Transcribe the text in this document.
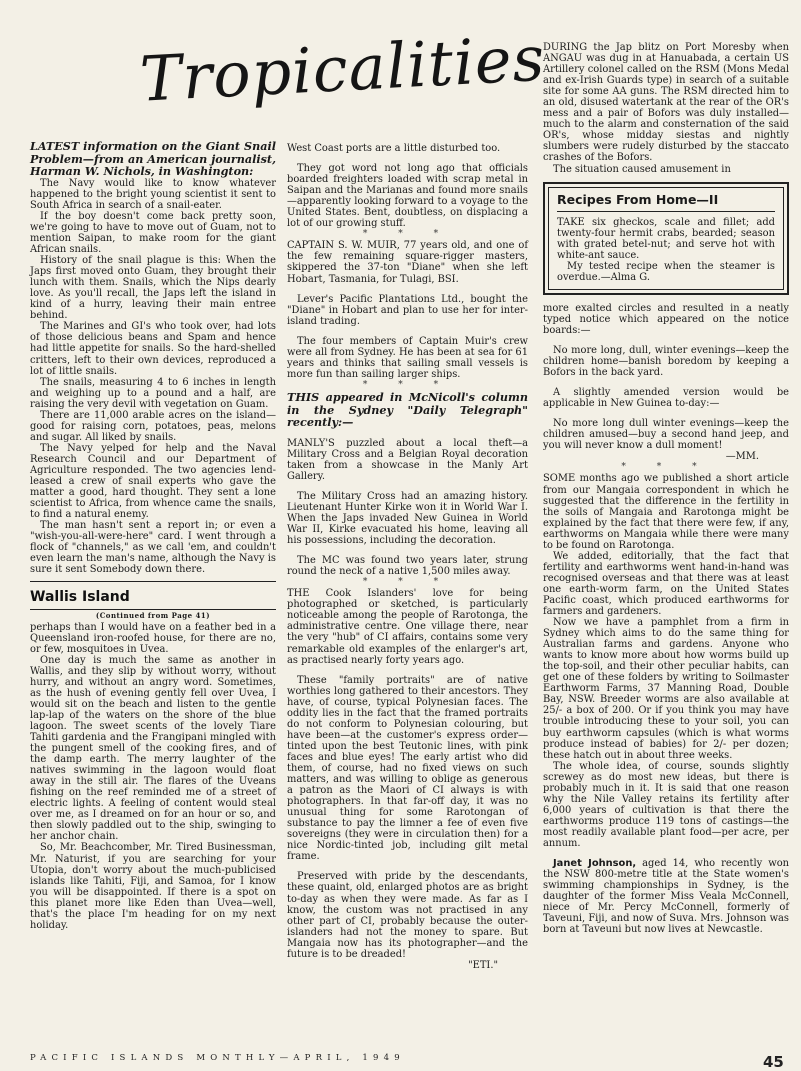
Tropicalities

LATEST information on the Giant Snail Problem—from an American journalist, Harman W. Nichols, in Washington:

The Navy would like to know whatever happened to the bright young scientist it sent to South Africa in search of a snail-eater.

If the boy doesn't come back pretty soon, we're going to have to move out of Guam, not to mention Saipan, to make room for the giant African snails.

History of the snail plague is this: When the Japs first moved onto Guam, they brought their lunch with them. Snails, which the Nips dearly love. As you'll recall, the Japs left the island in kind of a hurry, leaving their main entree behind.

The Marines and GI's who took over, had lots of those delicious beans and Spam and hence had little appetite for snails. So the hard-shelled critters, left to their own devices, reproduced a lot of little snails.

The snails, measuring 4 to 6 inches in length and weighing up to a pound and a half, are raising the very devil with vegetation on Guam.

There are 11,000 arable acres on the island—good for raising corn, potatoes, peas, melons and sugar. All liked by snails.

The Navy yelped for help and the Naval Research Council and our Department of Agriculture responded. The two agencies lend-leased a crew of snail experts who gave the matter a good, hard thought. They sent a lone scientist to Africa, from whence came the snails, to find a natural enemy.

The man hasn't sent a report in; or even a "wish-you-all-were-here" card. I went through a flock of "channels," as we call 'em, and couldn't even learn the man's name, although the Navy is sure it sent Somebody down there.

Wallis Island

(Continued from Page 41)

perhaps than I would have on a feather bed in a Queensland iron-roofed house, for there are no, or few, mosquitoes in Uvea.

One day is much the same as another in Wallis, and they slip by without worry, without hurry, and without an angry word. Sometimes, as the hush of evening gently fell over Uvea, I would sit on the beach and listen to the gentle lap-lap of the waters on the shore of the blue lagoon. The sweet scents of the lovely Tiare Tahiti gardenia and the Frangipani mingled with the pungent smell of the cooking fires, and of the damp earth. The merry laughter of the natives swimming in the lagoon would float away in the still air. The flares of the Uveans fishing on the reef reminded me of a street of electric lights. A feeling of content would steal over me, as I dreamed on for an hour or so, and then slowly paddled out to the ship, swinging to her anchor chain.

So, Mr. Beachcomber, Mr. Tired Businessman, Mr. Naturist, if you are searching for your Utopia, don't worry about the much-publicised islands like Tahiti, Fiji, and Samoa, for I know you will be disappointed. If there is a spot on this planet more like Eden than Uvea—well, that's the place I'm heading for on my next holiday.

West Coast ports are a little disturbed too.

They got word not long ago that officials boarded freighters loaded with scrap metal in Saipan and the Marianas and found more snails—apparently looking forward to a voyage to the United States. Bent, doubtless, on displacing a lot of our growing stuff.

* * *

CAPTAIN S. W. MUIR, 77 years old, and one of the few remaining square-rigger masters, skippered the 37-ton "Diane" when she left Hobart, Tasmania, for Tulagi, BSI.

Lever's Pacific Plantations Ltd., bought the "Diane" in Hobart and plan to use her for inter-island trading.

The four members of Captain Muir's crew were all from Sydney. He has been at sea for 61 years and thinks that sailing small vessels is more fun than sailing larger ships.

* * *

THIS appeared in McNicoll's column in the Sydney "Daily Telegraph" recently:—

MANLY'S puzzled about a local theft—a Military Cross and a Belgian Royal decoration taken from a showcase in the Manly Art Gallery.

The Military Cross had an amazing history. Lieutenant Hunter Kirke won it in World War I. When the Japs invaded New Guinea in World War II, Kirke evacuated his home, leaving all his possessions, including the decoration.

The MC was found two years later, strung round the neck of a native 1,500 miles away.

* * *

THE Cook Islanders' love for being photographed or sketched, is particularly noticeable among the people of Rarotonga, the administrative centre. One village there, near the very "hub" of CI affairs, contains some very remarkable old examples of the enlarger's art, as practised nearly forty years ago.

These "family portraits" are of native worthies long gathered to their ancestors. They have, of course, typical Polynesian faces. The oddity lies in the fact that the framed portraits do not conform to Polynesian colouring, but have been—at the customer's express order—tinted upon the best Teutonic lines, with pink faces and blue eyes! The early artist who did them, of course, had no fixed views on such matters, and was willing to oblige as generous a patron as the Maori of CI always is with photographers. In that far-off day, it was no unusual thing for some Rarotongan of substance to pay the limner a fee of even five sovereigns (they were in circulation then) for a nice Nordic-tinted job, including gilt metal frame.

Preserved with pride by the descendants, these quaint, old, enlarged photos are as bright to-day as when they were made. As far as I know, the custom was not practised in any other part of CI, probably because the outer-islanders had not the money to spare. But Mangaia now has its photographer—and the future is to be dreaded!

"ETI."

DURING the Jap blitz on Port Moresby when ANGAU was dug in at Hanuabada, a certain US Artillery colonel called on the RSM (Mons Medal and ex-Irish Guards type) in search of a suitable site for some AA guns. The RSM directed him to an old, disused watertank at the rear of the OR's mess and a pair of Bofors was duly installed—much to the alarm and consternation of the said OR's, whose midday siestas and nightly slumbers were rudely disturbed by the staccato crashes of the Bofors.

The situation caused amusement in

Recipes From Home—II

TAKE six gheckos, scale and fillet; add twenty-four hermit crabs, bearded; season with grated betel-nut; and serve hot with white-ant sauce.

My tested recipe when the steamer is overdue.—Alma G.

more exalted circles and resulted in a neatly typed notice which appeared on the notice boards:—

No more long, dull, winter evenings—keep the children home—banish boredom by keeping a Bofors in the back yard.

A slightly amended version would be applicable in New Guinea to-day:—

No more long dull winter evenings—keep the children amused—buy a second hand jeep, and you will never know a dull moment!

—MM.

* * *

SOME months ago we published a short article from our Mangaia correspondent in which he suggested that the difference in the fertility in the soils of Mangaia and Rarotonga might be explained by the fact that there were few, if any, earthworms on Mangaia while there were many to be found on Rarotonga.

We added, editorially, that the fact that fertility and earthworms went hand-in-hand was recognised overseas and that there was at least one earth-worm farm, on the United States Pacific coast, which produced earthworms for farmers and gardeners.

Now we have a pamphlet from a firm in Sydney which aims to do the same thing for Australian farms and gardens. Anyone who wants to know more about how worms build up the top-soil, and their other peculiar habits, can get one of these folders by writing to Soilmaster Earthworm Farms, 37 Manning Road, Double Bay, NSW. Breeder worms are also available at 25/- a box of 200. Or if you think you may have trouble introducing these to your soil, you can buy earthworm capsules (which is what worms produce instead of babies) for 2/- per dozen; these hatch out in about three weeks.

The whole idea, of course, sounds slightly screwey as do most new ideas, but there is probably much in it. It is said that one reason why the Nile Valley retains its fertility after 6,000 years of cultivation is that there the earthworms produce 119 tons of castings—the most readily available plant food—per acre, per annum.

Janet Johnson, aged 14, who recently won the NSW 800-metre title at the State women's swimming championships in Sydney, is the daughter of the former Miss Veala McConnell, niece of Mr. Percy McConnell, formerly of Taveuni, Fiji, and now of Suva. Mrs. Johnson was born at Taveuni but now lives at Newcastle.

PACIFIC ISLANDS MONTHLY—APRIL, 1949	45
